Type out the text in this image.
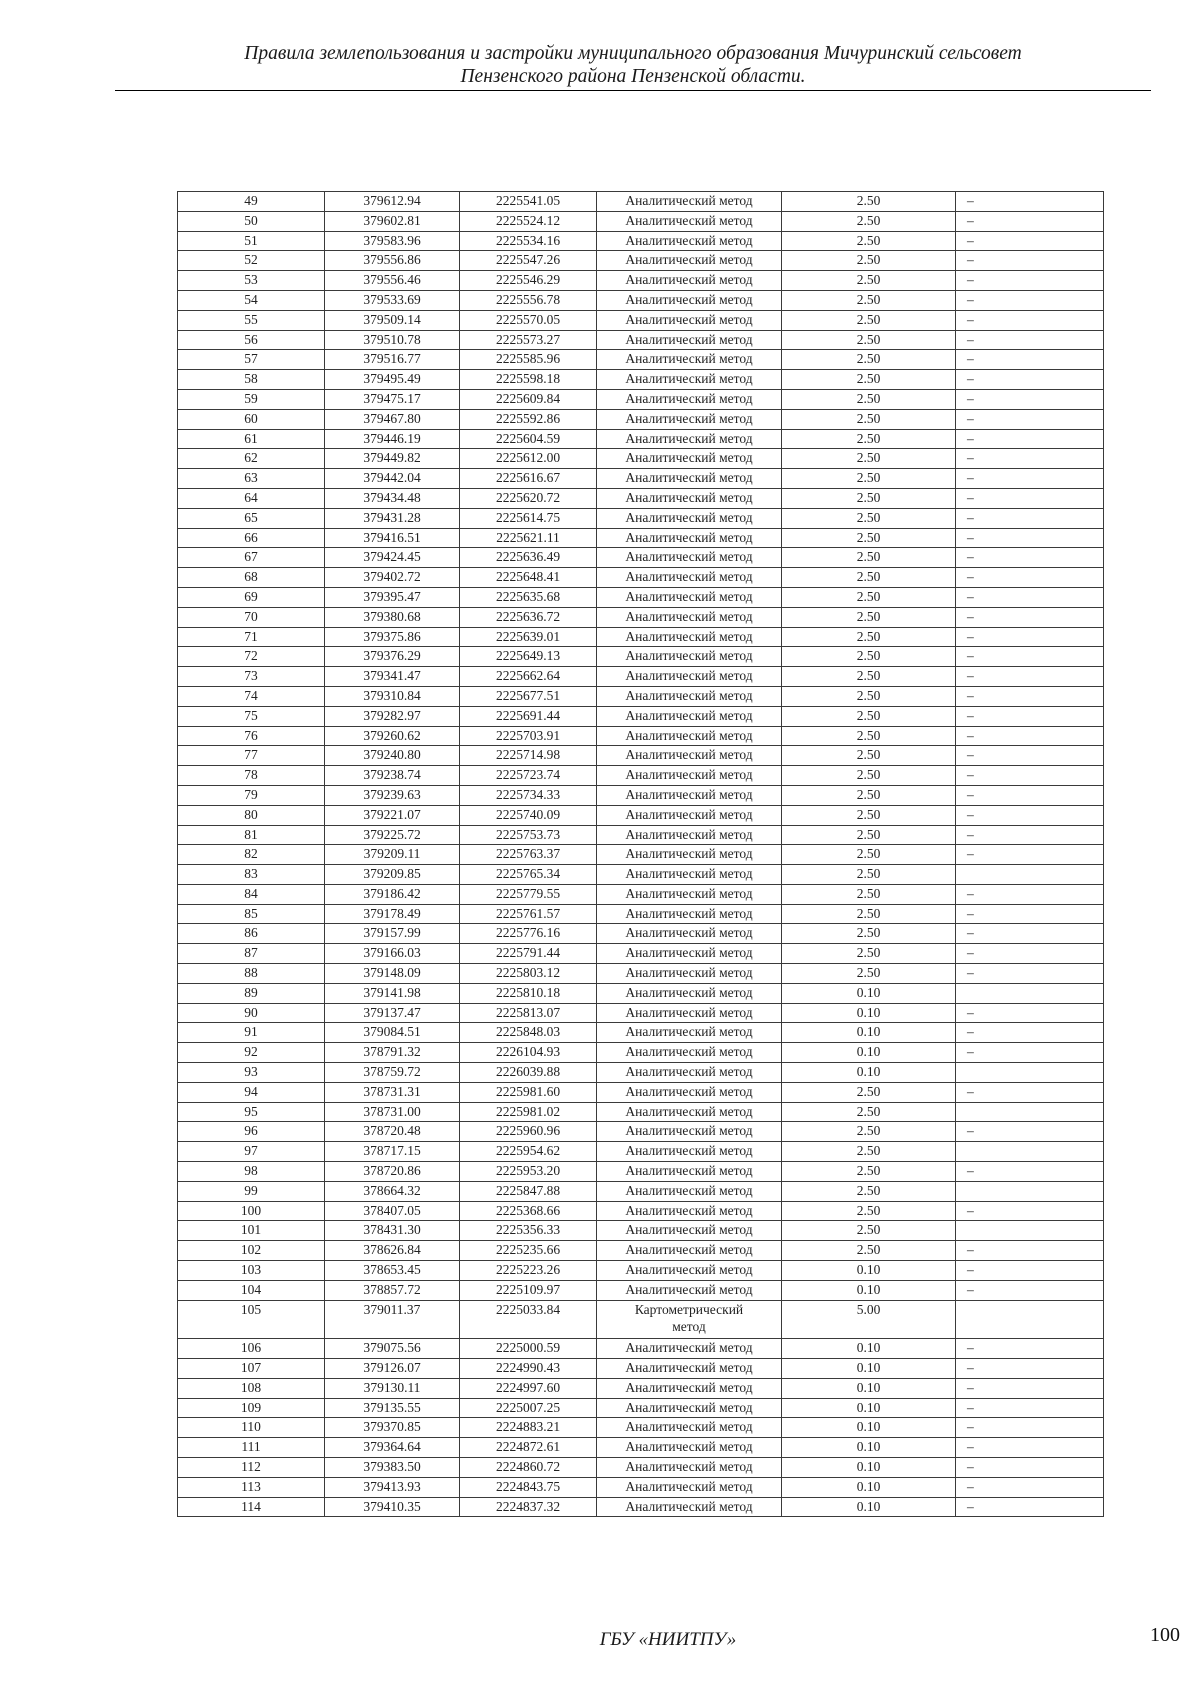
Правила землепользования и застройки муниципального образования Мичуринский сельсовет
Пензенского района Пензенской области.
49	379612.94	2225541.05	Аналитический метод	2.50	–
50	379602.81	2225524.12	Аналитический метод	2.50	–
51	379583.96	2225534.16	Аналитический метод	2.50	–
52	379556.86	2225547.26	Аналитический метод	2.50	–
53	379556.46	2225546.29	Аналитический метод	2.50	–
54	379533.69	2225556.78	Аналитический метод	2.50	–
55	379509.14	2225570.05	Аналитический метод	2.50	–
56	379510.78	2225573.27	Аналитический метод	2.50	–
57	379516.77	2225585.96	Аналитический метод	2.50	–
58	379495.49	2225598.18	Аналитический метод	2.50	–
59	379475.17	2225609.84	Аналитический метод	2.50	–
60	379467.80	2225592.86	Аналитический метод	2.50	–
61	379446.19	2225604.59	Аналитический метод	2.50	–
62	379449.82	2225612.00	Аналитический метод	2.50	–
63	379442.04	2225616.67	Аналитический метод	2.50	–
64	379434.48	2225620.72	Аналитический метод	2.50	–
65	379431.28	2225614.75	Аналитический метод	2.50	–
66	379416.51	2225621.11	Аналитический метод	2.50	–
67	379424.45	2225636.49	Аналитический метод	2.50	–
68	379402.72	2225648.41	Аналитический метод	2.50	–
69	379395.47	2225635.68	Аналитический метод	2.50	–
70	379380.68	2225636.72	Аналитический метод	2.50	–
71	379375.86	2225639.01	Аналитический метод	2.50	–
72	379376.29	2225649.13	Аналитический метод	2.50	–
73	379341.47	2225662.64	Аналитический метод	2.50	–
74	379310.84	2225677.51	Аналитический метод	2.50	–
75	379282.97	2225691.44	Аналитический метод	2.50	–
76	379260.62	2225703.91	Аналитический метод	2.50	–
77	379240.80	2225714.98	Аналитический метод	2.50	–
78	379238.74	2225723.74	Аналитический метод	2.50	–
79	379239.63	2225734.33	Аналитический метод	2.50	–
80	379221.07	2225740.09	Аналитический метод	2.50	–
81	379225.72	2225753.73	Аналитический метод	2.50	–
82	379209.11	2225763.37	Аналитический метод	2.50	–
83	379209.85	2225765.34	Аналитический метод	2.50	
84	379186.42	2225779.55	Аналитический метод	2.50	–
85	379178.49	2225761.57	Аналитический метод	2.50	–
86	379157.99	2225776.16	Аналитический метод	2.50	–
87	379166.03	2225791.44	Аналитический метод	2.50	–
88	379148.09	2225803.12	Аналитический метод	2.50	–
89	379141.98	2225810.18	Аналитический метод	0.10	
90	379137.47	2225813.07	Аналитический метод	0.10	–
91	379084.51	2225848.03	Аналитический метод	0.10	–
92	378791.32	2226104.93	Аналитический метод	0.10	–
93	378759.72	2226039.88	Аналитический метод	0.10	
94	378731.31	2225981.60	Аналитический метод	2.50	–
95	378731.00	2225981.02	Аналитический метод	2.50	
96	378720.48	2225960.96	Аналитический метод	2.50	–
97	378717.15	2225954.62	Аналитический метод	2.50	
98	378720.86	2225953.20	Аналитический метод	2.50	–
99	378664.32	2225847.88	Аналитический метод	2.50	
100	378407.05	2225368.66	Аналитический метод	2.50	–
101	378431.30	2225356.33	Аналитический метод	2.50	
102	378626.84	2225235.66	Аналитический метод	2.50	–
103	378653.45	2225223.26	Аналитический метод	0.10	–
104	378857.72	2225109.97	Аналитический метод	0.10	–
105	379011.37	2225033.84	Картометрический метод	5.00	
106	379075.56	2225000.59	Аналитический метод	0.10	–
107	379126.07	2224990.43	Аналитический метод	0.10	–
108	379130.11	2224997.60	Аналитический метод	0.10	–
109	379135.55	2225007.25	Аналитический метод	0.10	–
110	379370.85	2224883.21	Аналитический метод	0.10	–
111	379364.64	2224872.61	Аналитический метод	0.10	–
112	379383.50	2224860.72	Аналитический метод	0.10	–
113	379413.93	2224843.75	Аналитический метод	0.10	–
114	379410.35	2224837.32	Аналитический метод	0.10	–
ГБУ «НИИТПУ»	100
